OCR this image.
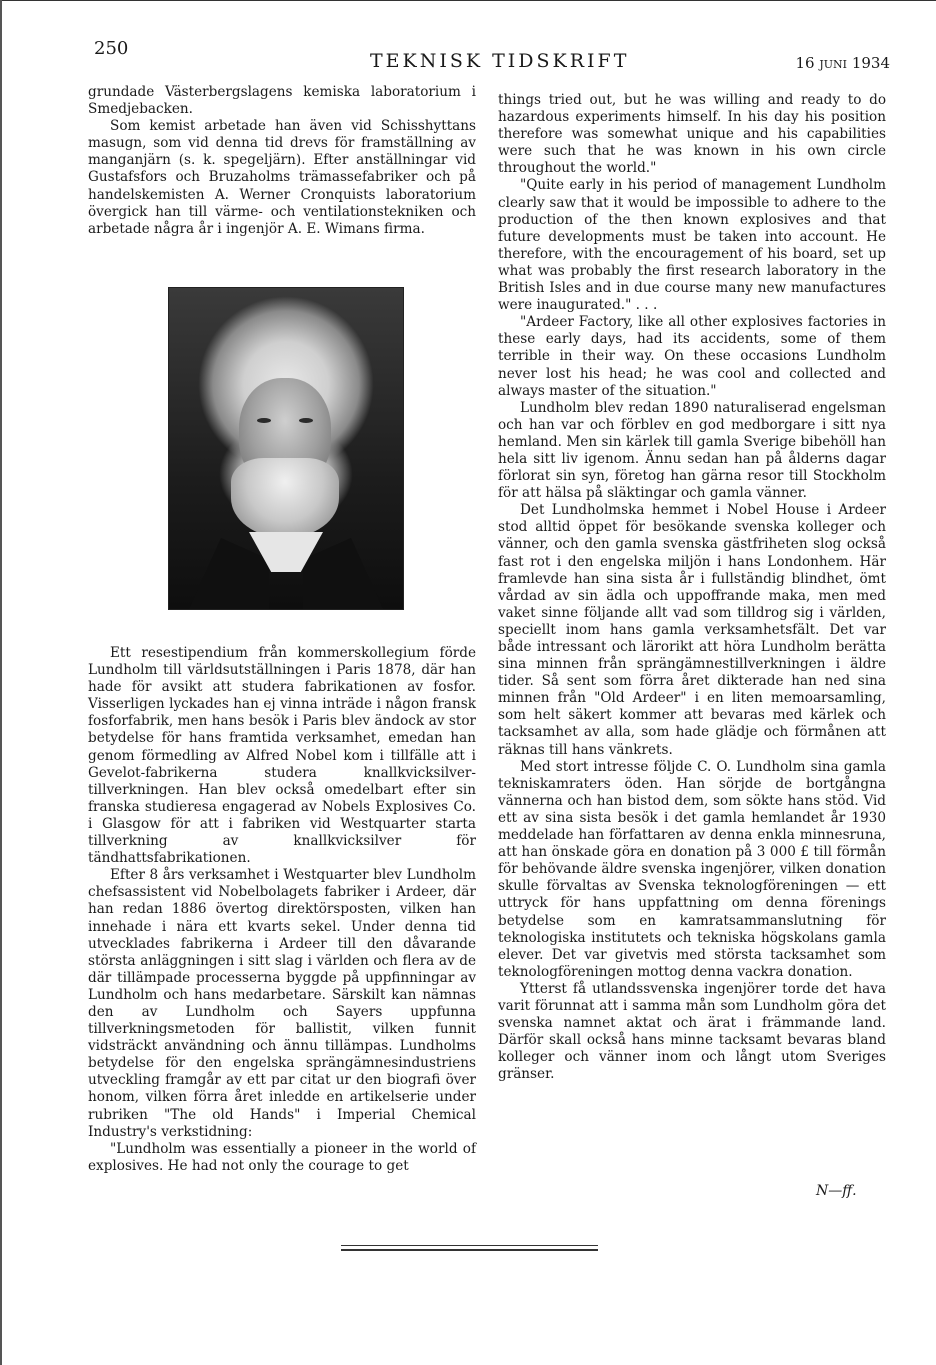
250
TEKNISK TIDSKRIFT	16 JUNI 1934

grundade Västerbergslagens kemiska laboratorium i Smedjebacken.

Som kemist arbetade han även vid Schisshyttans masugn, som vid denna tid drevs för framställning av manganjärn (s. k. spegeljärn). Efter anställningar vid Gustafsfors och Bruzaholms trämassefabriker och på handelskemisten A. Werner Cronquists laboratorium övergick han till värme- och ventilationstekniken och arbetade några år i ingenjör A. E. Wimans firma.

Ett resestipendium från kommerskollegium förde Lundholm till världsutställningen i Paris 1878, där han hade för avsikt att studera fabrikationen av fosfor. Visserligen lyckades han ej vinna inträde i någon fransk fosforfabrik, men hans besök i Paris blev ändock av stor betydelse för hans framtida verksamhet, emedan han genom förmedling av Alfred Nobel kom i tillfälle att i Gevelot-fabrikerna studera knallkvicksilver-tillverkningen. Han blev också omedelbart efter sin franska studieresa engagerad av Nobels Explosives Co. i Glasgow för att i fabriken vid Westquarter starta tillverkning av knallkvicksilver för tändhattsfabrikationen.

Efter 8 års verksamhet i Westquarter blev Lundholm chefsassistent vid Nobelbolagets fabriker i Ardeer, där han redan 1886 övertog direktörsposten, vilken han innehade i nära ett kvarts sekel. Under denna tid utvecklades fabrikerna i Ardeer till den dåvarande största anläggningen i sitt slag i världen och flera av de där tillämpade processerna byggde på uppfinningar av Lundholm och hans medarbetare. Särskilt kan nämnas den av Lundholm och Sayers uppfunna tillverkningsmetoden för ballistit, vilken funnit vidsträckt användning och ännu tillämpas. Lundholms betydelse för den engelska sprängämnesindustriens utveckling framgår av ett par citat ur den biografi över honom, vilken förra året inledde en artikelserie under rubriken "The old Hands" i Imperial Chemical Industry's verkstidning:

"Lundholm was essentially a pioneer in the world of explosives. He had not only the courage to get

things tried out, but he was willing and ready to do hazardous experiments himself. In his day his position therefore was somewhat unique and his capabilities were such that he was known in his own circle throughout the world."

"Quite early in his period of management Lundholm clearly saw that it would be impossible to adhere to the production of the then known explosives and that future developments must be taken into account. He therefore, with the encouragement of his board, set up what was probably the first research laboratory in the British Isles and in due course many new manufactures were inaugurated." . . .

"Ardeer Factory, like all other explosives factories in these early days, had its accidents, some of them terrible in their way. On these occasions Lundholm never lost his head; he was cool and collected and always master of the situation."

Lundholm blev redan 1890 naturaliserad engelsman och han var och förblev en god medborgare i sitt nya hemland. Men sin kärlek till gamla Sverige bibehöll han hela sitt liv igenom. Ännu sedan han på ålderns dagar förlorat sin syn, företog han gärna resor till Stockholm för att hälsa på släktingar och gamla vänner.

Det Lundholmska hemmet i Nobel House i Ardeer stod alltid öppet för besökande svenska kolleger och vänner, och den gamla svenska gästfriheten slog också fast rot i den engelska miljön i hans Londonhem. Här framlevde han sina sista år i fullständig blindhet, ömt vårdad av sin ädla och uppoffrande maka, men med vaket sinne följande allt vad som tilldrog sig i världen, speciellt inom hans gamla verksamhetsfält. Det var både intressant och lärorikt att höra Lundholm berätta sina minnen från sprängämnestillverkningen i äldre tider. Så sent som förra året dikterade han ned sina minnen från "Old Ardeer" i en liten memoarsamling, som helt säkert kommer att bevaras med kärlek och tacksamhet av alla, som hade glädje och förmånen att räknas till hans vänkrets.

Med stort intresse följde C. O. Lundholm sina gamla tekniskamraters öden. Han sörjde de bortgångna vännerna och han bistod dem, som sökte hans stöd. Vid ett av sina sista besök i det gamla hemlandet år 1930 meddelade han författaren av denna enkla minnesruna, att han önskade göra en donation på 3 000 £ till förmån för behövande äldre svenska ingenjörer, vilken donation skulle förvaltas av Svenska teknologföreningen — ett uttryck för hans uppfattning om denna förenings betydelse som en kamratsammanslutning för teknologiska institutets och tekniska högskolans gamla elever. Det var givetvis med största tacksamhet som teknologföreningen mottog denna vackra donation.

Ytterst få utlandssvenska ingenjörer torde det hava varit förunnat att i samma mån som Lundholm göra det svenska namnet aktat och ärat i främmande land. Därför skall också hans minne tacksamt bevaras bland kolleger och vänner inom och långt utom Sveriges gränser.

N—ff.
